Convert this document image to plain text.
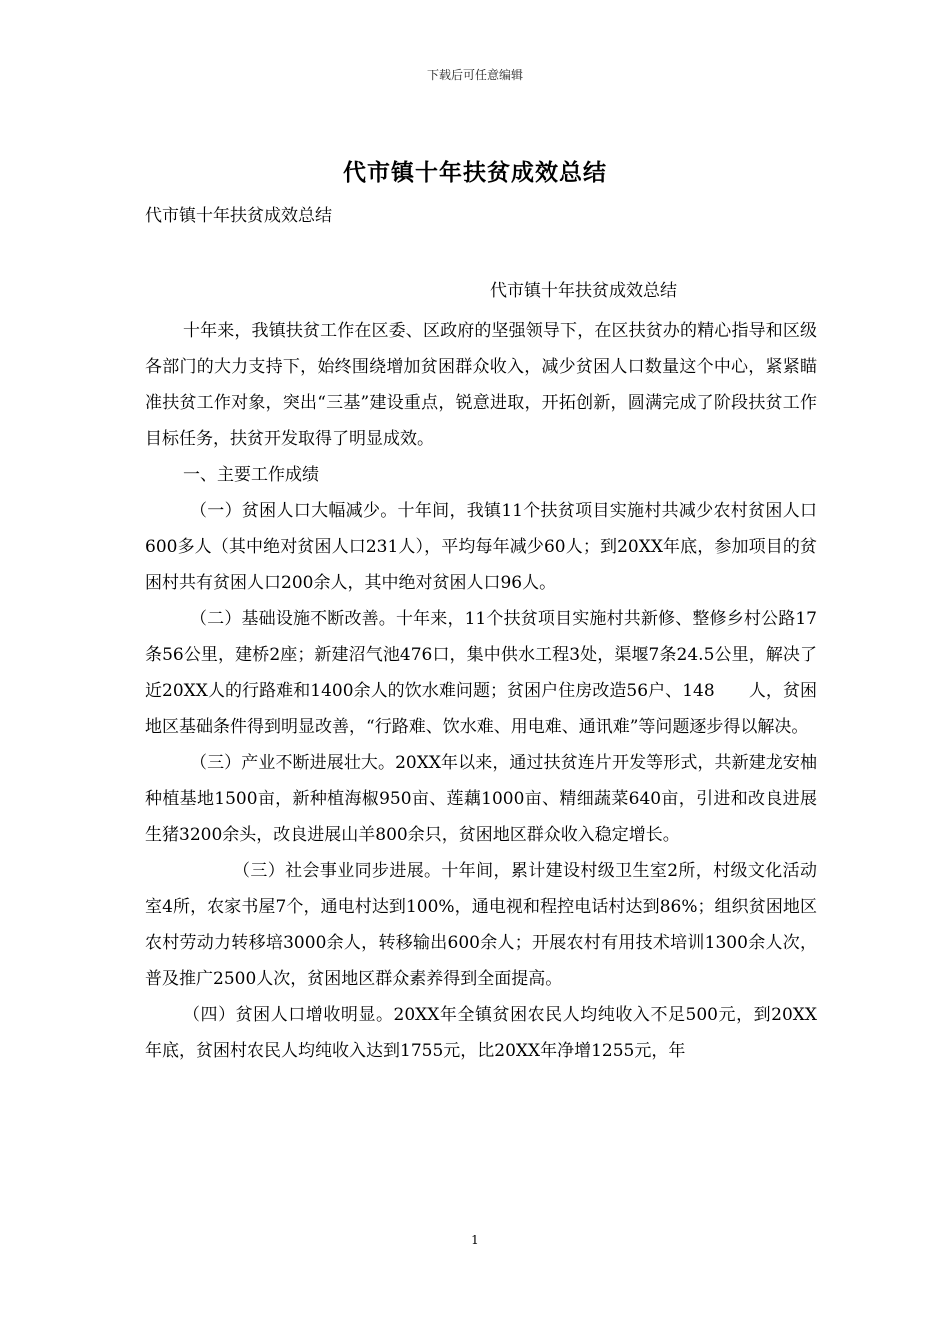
下载后可任意编辑
代市镇十年扶贫成效总结
代市镇十年扶贫成效总结
代市镇十年扶贫成效总结

十年来，我镇扶贫工作在区委、区政府的坚强领导下，在区扶贫办的精心指导和区级各部门的大力支持下，始终围绕增加贫困群众收入，减少贫困人口数量这个中心，紧紧瞄准扶贫工作对象，突出“三基”建设重点，锐意进取，开拓创新，圆满完成了阶段扶贫工作目标任务，扶贫开发取得了明显成效。

一、主要工作成绩

（一）贫困人口大幅减少。十年间，我镇11个扶贫项目实施村共减少农村贫困人口600多人（其中绝对贫困人口231人），平均每年减少60人；到20XX年底，参加项目的贫困村共有贫困人口200余人，其中绝对贫困人口96人。

（二）基础设施不断改善。十年来，11个扶贫项目实施村共新修、整修乡村公路17条56公里，建桥2座；新建沼气池476口，集中供水工程3处，渠堰7条24.5公里，解决了近20XX人的行路难和1400余人的饮水难问题；贫困户住房改造56户、148　　人，贫困地区基础条件得到明显改善，“行路难、饮水难、用电难、通讯难”等问题逐步得以解决。

（三）产业不断进展壮大。20XX年以来，通过扶贫连片开发等形式，共新建龙安柚种植基地1500亩，新种植海椒950亩、莲藕1000亩、精细蔬菜640亩，引进和改良进展生猪3200余头，改良进展山羊800余只，贫困地区群众收入稳定增长。

（三）社会事业同步进展。十年间，累计建设村级卫生室2所，村级文化活动室4所，农家书屋7个，通电村达到100%，通电视和程控电话村达到86%；组织贫困地区农村劳动力转移培3000余人，转移输出600余人；开展农村有用技术培训1300余人次，普及推广2500人次，贫困地区群众素养得到全面提高。

（四）贫困人口增收明显。20XX年全镇贫困农民人均纯收入不足500元，到20XX年底，贫困村农民人均纯收入达到1755元，比20XX年净增1255元，年

1
